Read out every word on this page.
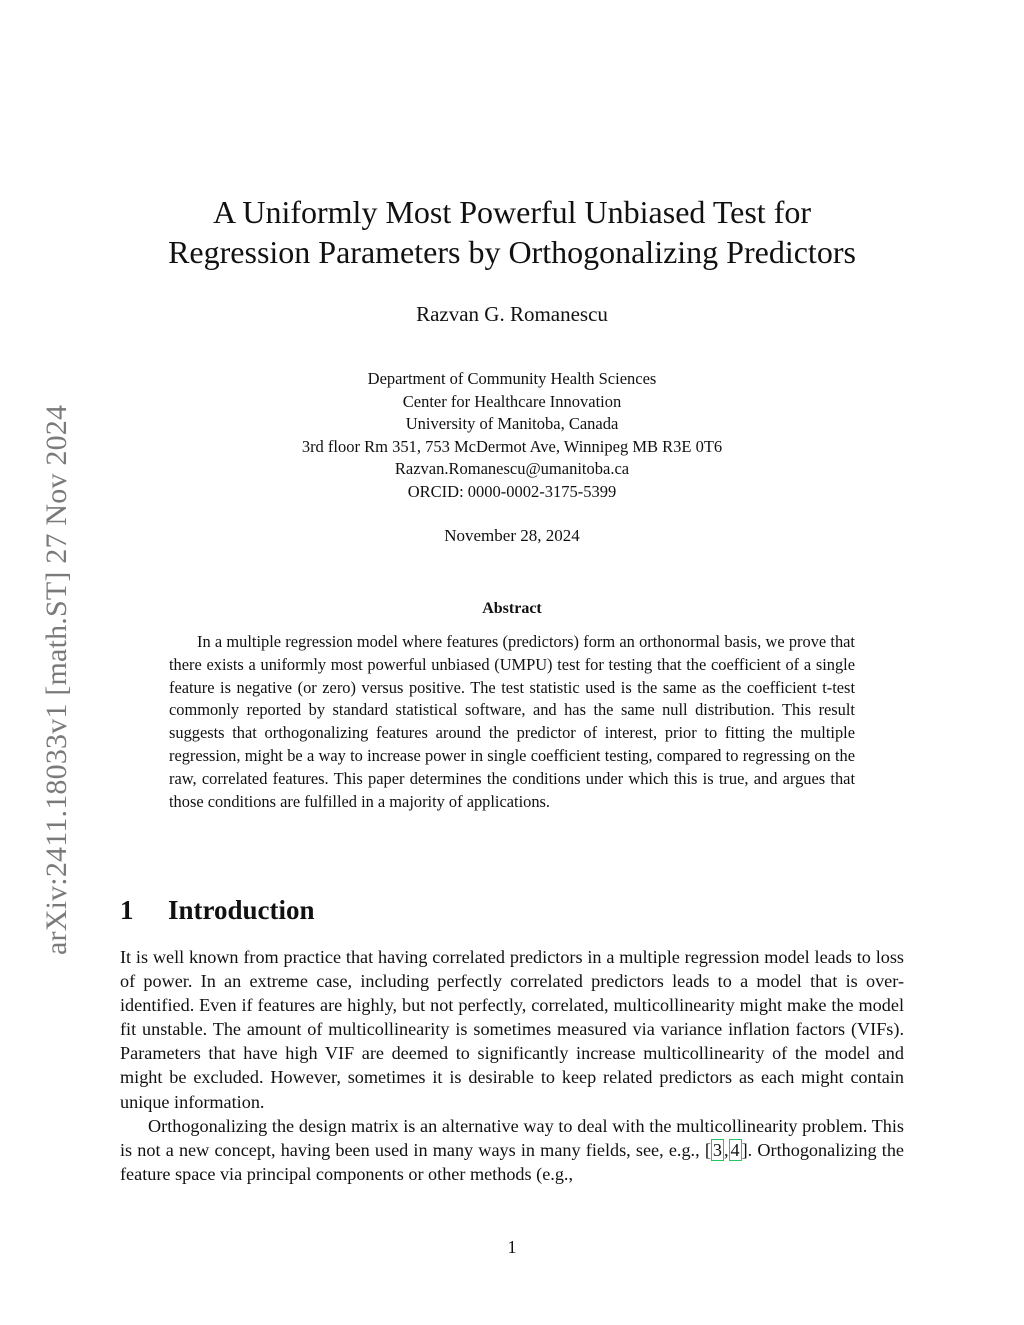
arXiv:2411.18033v1 [math.ST] 27 Nov 2024
A Uniformly Most Powerful Unbiased Test for
Regression Parameters by Orthogonalizing Predictors
Razvan G. Romanescu
Department of Community Health Sciences
Center for Healthcare Innovation
University of Manitoba, Canada
3rd floor Rm 351, 753 McDermot Ave, Winnipeg MB R3E 0T6
Razvan.Romanescu@umanitoba.ca
ORCID: 0000-0002-3175-5399
November 28, 2024
Abstract

In a multiple regression model where features (predictors) form an orthonormal basis, we prove that there exists a uniformly most powerful unbiased (UMPU) test for testing that the coefficient of a single feature is negative (or zero) versus positive. The test statistic used is the same as the coefficient t-test commonly reported by standard statistical software, and has the same null distribution. This result suggests that orthogonalizing features around the predictor of interest, prior to fitting the multiple regression, might be a way to increase power in single coefficient testing, compared to regressing on the raw, correlated features. This paper determines the conditions under which this is true, and argues that those conditions are fulfilled in a majority of applications.

1 Introduction

It is well known from practice that having correlated predictors in a multiple regression model leads to loss of power. In an extreme case, including perfectly correlated predictors leads to a model that is over-identified. Even if features are highly, but not perfectly, correlated, multicollinearity might make the model fit unstable. The amount of multicollinearity is sometimes measured via variance inflation factors (VIFs). Parameters that have high VIF are deemed to significantly increase multicollinearity of the model and might be excluded. However, sometimes it is desirable to keep related predictors as each might contain unique information.

Orthogonalizing the design matrix is an alternative way to deal with the multicollinearity problem. This is not a new concept, having been used in many ways in many fields, see, e.g., [ 3 , 4 ]. Orthogonalizing the feature space via principal components or other methods (e.g.,

1
